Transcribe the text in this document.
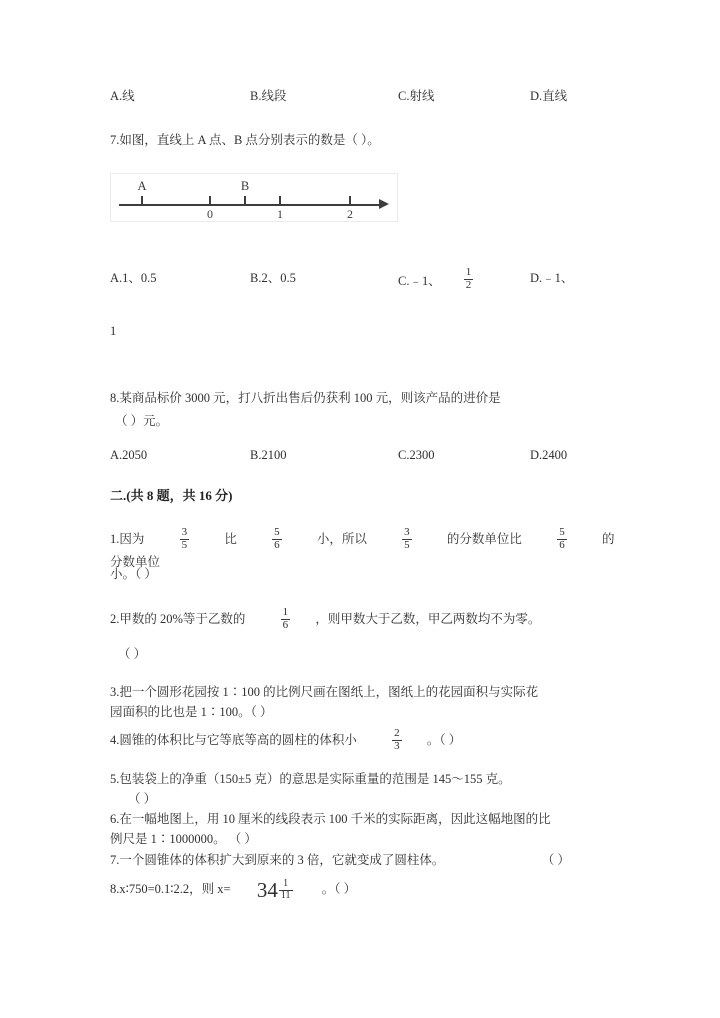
A.线	B.线段	C.射线	D.直线
7.如图，直线上 A 点、B 点分别表示的数是（ ）。
A	B
0	1	2
A.1、0.5	B.2、0.5	C.﹣1、 $\frac{1}{2}$	D.﹣1、
1
8.某商品标价 3000 元，打八折出售后仍获利 100 元，则该产品的进价是
（ ）元。
A.2050	B.2100	C.2300	D.2400
二.(共 8 题，共 16 分)
1.因为	$\frac{3}{5}$	比	$\frac{5}{6}$	小，所以	$\frac{3}{5}$	的分数单位比	$\frac{5}{6}$	的分数单位
小。（ ）
2.甲数的 20%等于乙数的	$\frac{1}{6}$ ，则甲数大于乙数，甲乙两数均不为零。
（ ）
3.把一个圆形花园按 1∶100 的比例尺画在图纸上，图纸上的花园面积与实际花
园面积的比也是 1∶100。（ ）
4.圆锥的体积比与它等底等高的圆柱的体积小	$\frac{2}{3}$ 。（ ）
5.包装袋上的净重（150±5 克）的意思是实际重量的范围是 145～155 克。
（ ）
6.在一幅地图上，用 10 厘米的线段表示 100 千米的实际距离，因此这幅地图的比
例尺是 1∶1000000。 （ ）
7.一个圆锥体的体积扩大到原来的 3 倍，它就变成了圆柱体。	（ ）
8.x∶750=0.1∶2.2，则 $x= 34 \frac{1}{11}$ 。（ ）
